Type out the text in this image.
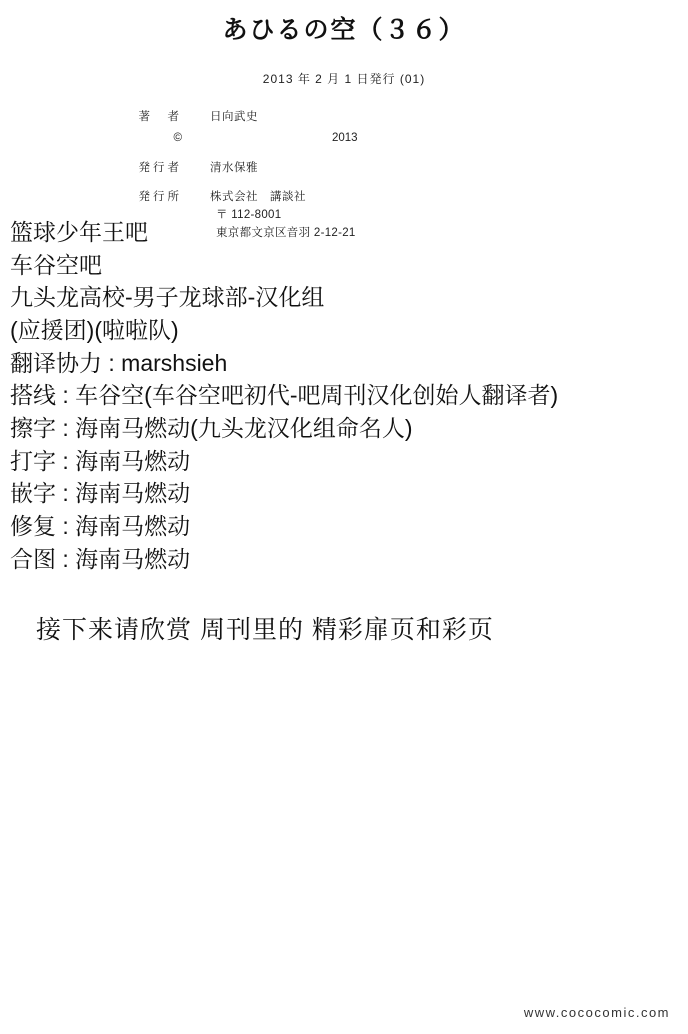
あひるの空（３６）
2013 年 2 月 1 日発行 (01)
著　者	日向武史
©	2013
発行者	清水保雅
発行所	株式会社　講談社
〒 112-8001
東京都文京区音羽 2-12-21
篮球少年王吧
车谷空吧
九头龙高校-男子龙球部-汉化组
(应援团)(啦啦队)
翻译协力 : marshsieh
搭线 : 车谷空(车谷空吧初代-吧周刊汉化创始人翻译者)
擦字 : 海南马燃动(九头龙汉化组命名人)
打字 : 海南马燃动
嵌字 : 海南马燃动
修复 : 海南马燃动
合图 : 海南马燃动
接下来请欣赏 周刊里的 精彩扉页和彩页
www.cococomic.com
